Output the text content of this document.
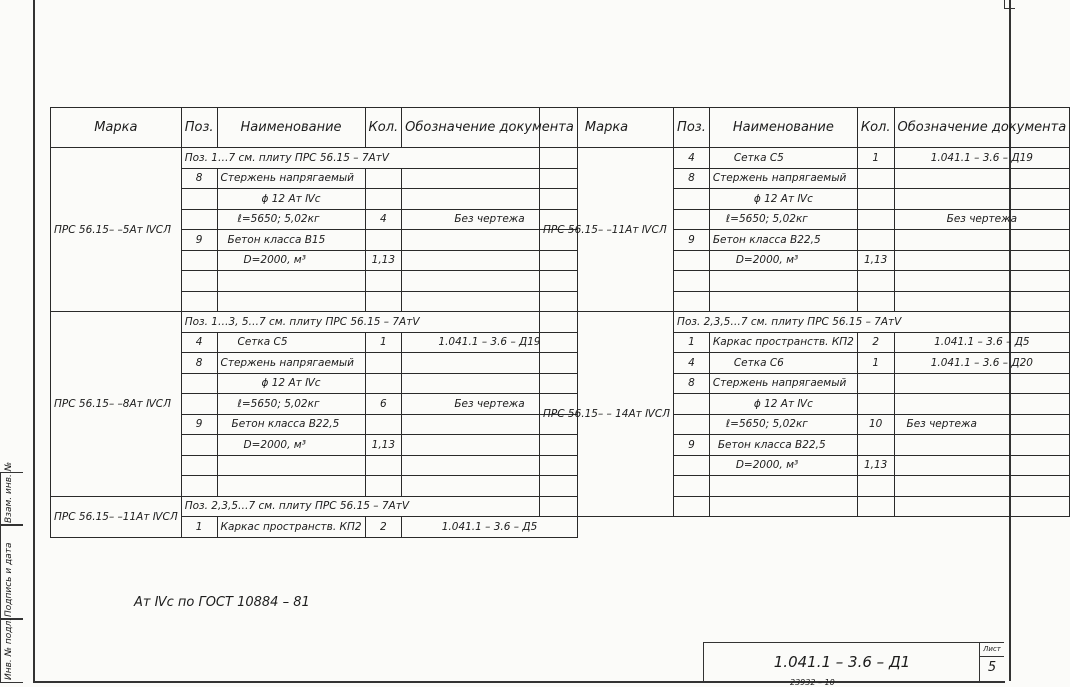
Взам. инв. №
Подпись и дата
Инв. № подл.
Марка	Поз.	Наименование	Кол.	Обозначение документа
ПРС 56.15– –5Ат ⅣСЛ	Поз. 1…7 см. плиту ПРС 56.15 – 7АтⅤ			
	8	Стержень напрягаемый		
		ϕ 12 Ат Ⅳс		
		ℓ=5650; 5,02кг	4	Без чертежа
	9	Бетон класса В15		
		D=2000, м³	1,13	

ПРС 56.15– –8Ат ⅣСЛ	Поз. 1…3, 5…7 см. плиту ПРС 56.15 – 7АтⅤ			
	4	Сетка С5	1	1.041.1 – 3.6 – Д19
	8	Стержень напрягаемый		
		ϕ 12 Ат Ⅳс		
		ℓ=5650; 5,02кг	6	Без чертежа
	9	Бетон класса В22,5		
		D=2000, м³	1,13	

ПРС 56.15– –11Ат ⅣСЛ	Поз. 2,3,5…7 см. плиту ПРС 56.15 – 7АтⅤ			
	1	Каркас пространств. КП2	2	1.041.1 – 3.6 – Д5
Марка	Поз.	Наименование	Кол.	Обозначение документа
ПРС 56.15– –11Ат ⅣСЛ	4	Сетка С5	1	1.041.1 – 3.6 – Д19
	8	Стержень напрягаемый		
		ϕ 12 Ат Ⅳс		
		ℓ=5650; 5,02кг		Без чертежа
	9	Бетон класса В22,5		
		D=2000, м³	1,13	

ПРС 56.15– – 14Ат ⅣСЛ	Поз. 2,3,5…7 см. плиту ПРС 56.15 – 7АтⅤ			
	1	Каркас пространств. КП2	2	1.041.1 – 3.6 – Д5
	4	Сетка С6	1	1.041.1 – 3.6 – Д20
	8	Стержень напрягаемый		
		ϕ 12 Ат Ⅳс		
		ℓ=5650; 5,02кг	10	Без чертежа
	9	Бетон класса В22,5		
		D=2000, м³	1,13	

Ат Ⅳс по ГОСТ 10884 – 81
1.041.1 – 3.6 – Д1
Лист
5
23932 – 10
